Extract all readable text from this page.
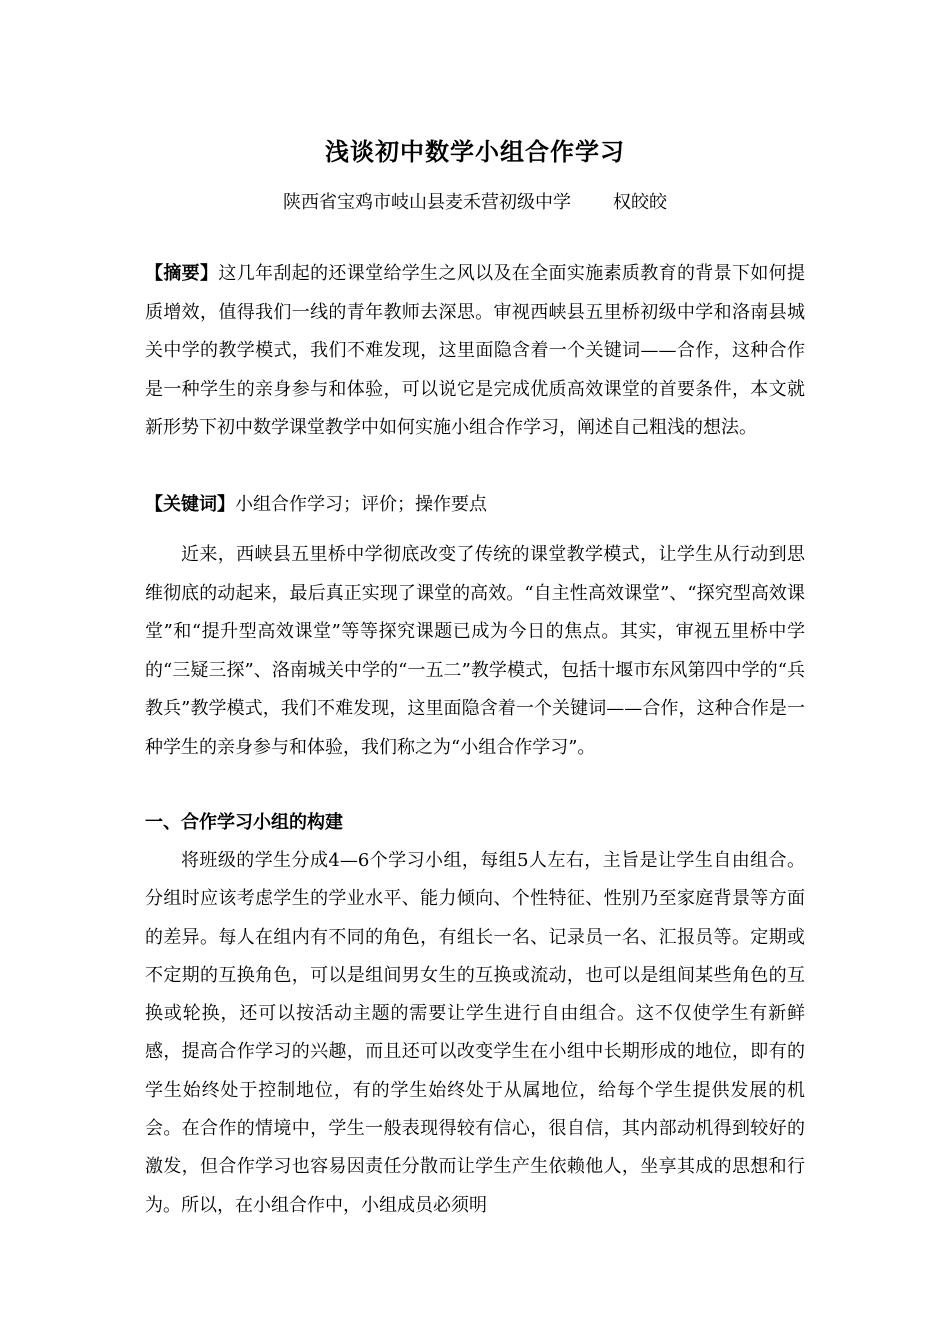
浅谈初中数学小组合作学习
陕西省宝鸡市岐山县麦禾营初级中学 权皎皎

【摘要】这几年刮起的还课堂给学生之风以及在全面实施素质教育的背景下如何提质增效，值得我们一线的青年教师去深思。审视西峡县五里桥初级中学和洛南县城关中学的教学模式，我们不难发现，这里面隐含着一个关键词——合作，这种合作是一种学生的亲身参与和体验，可以说它是完成优质高效课堂的首要条件，本文就新形势下初中数学课堂教学中如何实施小组合作学习，阐述自己粗浅的想法。

【关键词】小组合作学习；评价；操作要点

近来，西峡县五里桥中学彻底改变了传统的课堂教学模式，让学生从行动到思维彻底的动起来，最后真正实现了课堂的高效。“自主性高效课堂”、“探究型高效课堂”和“提升型高效课堂”等等探究课题已成为今日的焦点。其实，审视五里桥中学的“三疑三探”、洛南城关中学的“一五二”教学模式，包括十堰市东风第四中学的“兵教兵”教学模式，我们不难发现，这里面隐含着一个关键词——合作，这种合作是一种学生的亲身参与和体验，我们称之为“小组合作学习”。

一、合作学习小组的构建

将班级的学生分成4—6个学习小组，每组5人左右，主旨是让学生自由组合。分组时应该考虑学生的学业水平、能力倾向、个性特征、性别乃至家庭背景等方面的差异。每人在组内有不同的角色，有组长一名、记录员一名、汇报员等。定期或不定期的互换角色，可以是组间男女生的互换或流动，也可以是组间某些角色的互换或轮换，还可以按活动主题的需要让学生进行自由组合。这不仅使学生有新鲜感，提高合作学习的兴趣，而且还可以改变学生在小组中长期形成的地位，即有的学生始终处于控制地位，有的学生始终处于从属地位，给每个学生提供发展的机会。在合作的情境中，学生一般表现得较有信心，很自信，其内部动机得到较好的激发，但合作学习也容易因责任分散而让学生产生依赖他人，坐享其成的思想和行为。所以，在小组合作中，小组成员必须明
